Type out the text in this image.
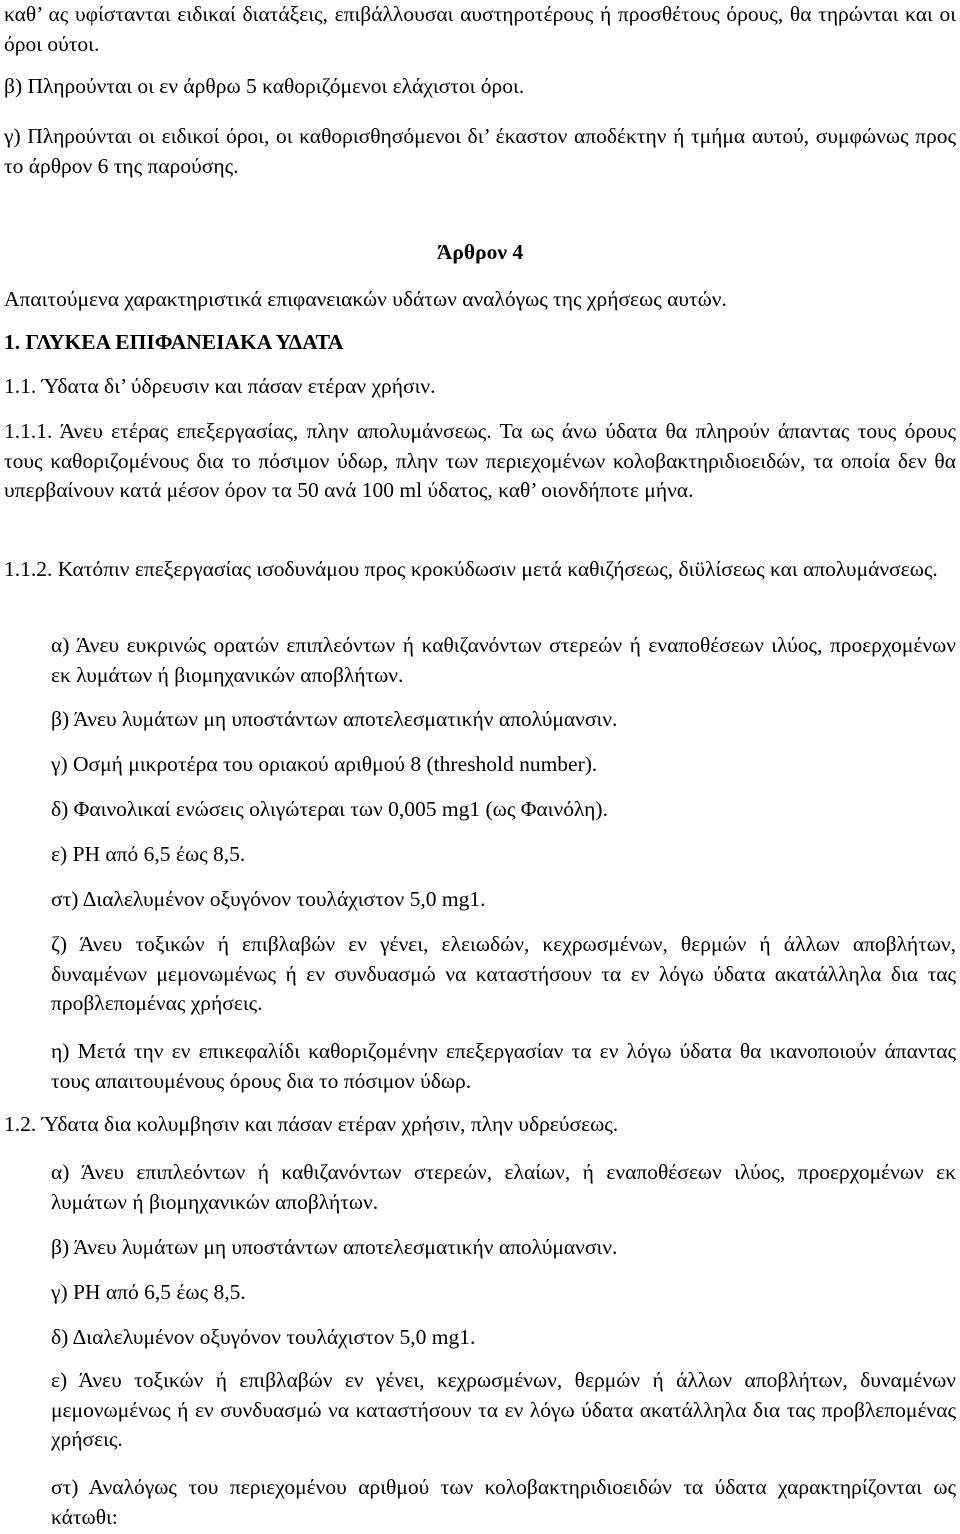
καθ’ ας υφίστανται ειδικαί διατάξεις, επιβάλλουσαι αυστηροτέρους ή προσθέτους όρους, θα τηρώνται και οι όροι ούτοι.

β) Πληρούνται οι εν άρθρω 5 καθοριζόμενοι ελάχιστοι όροι.

γ) Πληρούνται οι ειδικοί όροι, οι καθορισθησόμενοι δι’ έκαστον αποδέκτην ή τμήμα αυτού, συμφώνως προς το άρθρον 6 της παρούσης.

Άρθρον 4

Απαιτούμενα χαρακτηριστικά επιφανειακών υδάτων αναλόγως της χρήσεως αυτών.

1. ΓΛΥΚΕΑ ΕΠΙΦΑΝΕΙΑΚΑ ΥΔΑΤΑ

1.1. Ύδατα δι’ ύδρευσιν και πάσαν ετέραν χρήσιν.

1.1.1. Άνευ ετέρας επεξεργασίας, πλην απολυμάνσεως. Τα ως άνω ύδατα θα πληρούν άπαντας τους όρους τους καθοριζομένους δια το πόσιμον ύδωρ, πλην των περιεχομένων κολοβακτηριδιοειδών, τα οποία δεν θα υπερβαίνουν κατά μέσον όρον τα 50 ανά 100 ml ύδατος, καθ’ οιονδήποτε μήνα.

1.1.2. Κατόπιν επεξεργασίας ισοδυνάμου προς κροκύδωσιν μετά καθιζήσεως, διϋλίσεως και απολυμάνσεως.

α) Άνευ ευκρινώς ορατών επιπλεόντων ή καθιζανόντων στερεών ή εναποθέσεων ιλύος, προερχομένων εκ λυμάτων ή βιομηχανικών αποβλήτων.

β) Άνευ λυμάτων μη υποστάντων αποτελεσματικήν απολύμανσιν.

γ) Οσμή μικροτέρα του οριακού αριθμού 8 (threshold number).

δ) Φαινολικαί ενώσεις ολιγώτεραι των 0,005 mg1 (ως Φαινόλη).

ε) PH από 6,5 έως 8,5.

στ) Διαλελυμένον οξυγόνον τουλάχιστον 5,0 mg1.

ζ) Άνευ τοξικών ή επιβλαβών εν γένει, ελειωδών, κεχρωσμένων, θερμών ή άλλων αποβλήτων, δυναμένων μεμονωμένως ή εν συνδυασμώ να καταστήσουν τα εν λόγω ύδατα ακατάλληλα δια τας προβλεπομένας χρήσεις.

η) Μετά την εν επικεφαλίδι καθοριζομένην επεξεργασίαν τα εν λόγω ύδατα θα ικανοποιούν άπαντας τους απαιτουμένους όρους δια το πόσιμον ύδωρ.

1.2. Ύδατα δια κολυμβησιν και πάσαν ετέραν χρήσιν, πλην υδρεύσεως.

α) Άνευ επιπλεόντων ή καθιζανόντων στερεών, ελαίων, ή εναποθέσεων ιλύος, προερχομένων εκ λυμάτων ή βιομηχανικών αποβλήτων.

β) Άνευ λυμάτων μη υποστάντων αποτελεσματικήν απολύμανσιν.

γ) PH από 6,5 έως 8,5.

δ) Διαλελυμένον οξυγόνον τουλάχιστον 5,0 mg1.

ε) Άνευ τοξικών ή επιβλαβών εν γένει, κεχρωσμένων, θερμών ή άλλων αποβλήτων, δυναμένων μεμονωμένως ή εν συνδυασμώ να καταστήσουν τα εν λόγω ύδατα ακατάλληλα δια τας προβλεπομένας χρήσεις.

στ) Αναλόγως του περιεχομένου αριθμού των κολοβακτηριδιοειδών τα ύδατα χαρακτηρίζονται ως κάτωθι:
